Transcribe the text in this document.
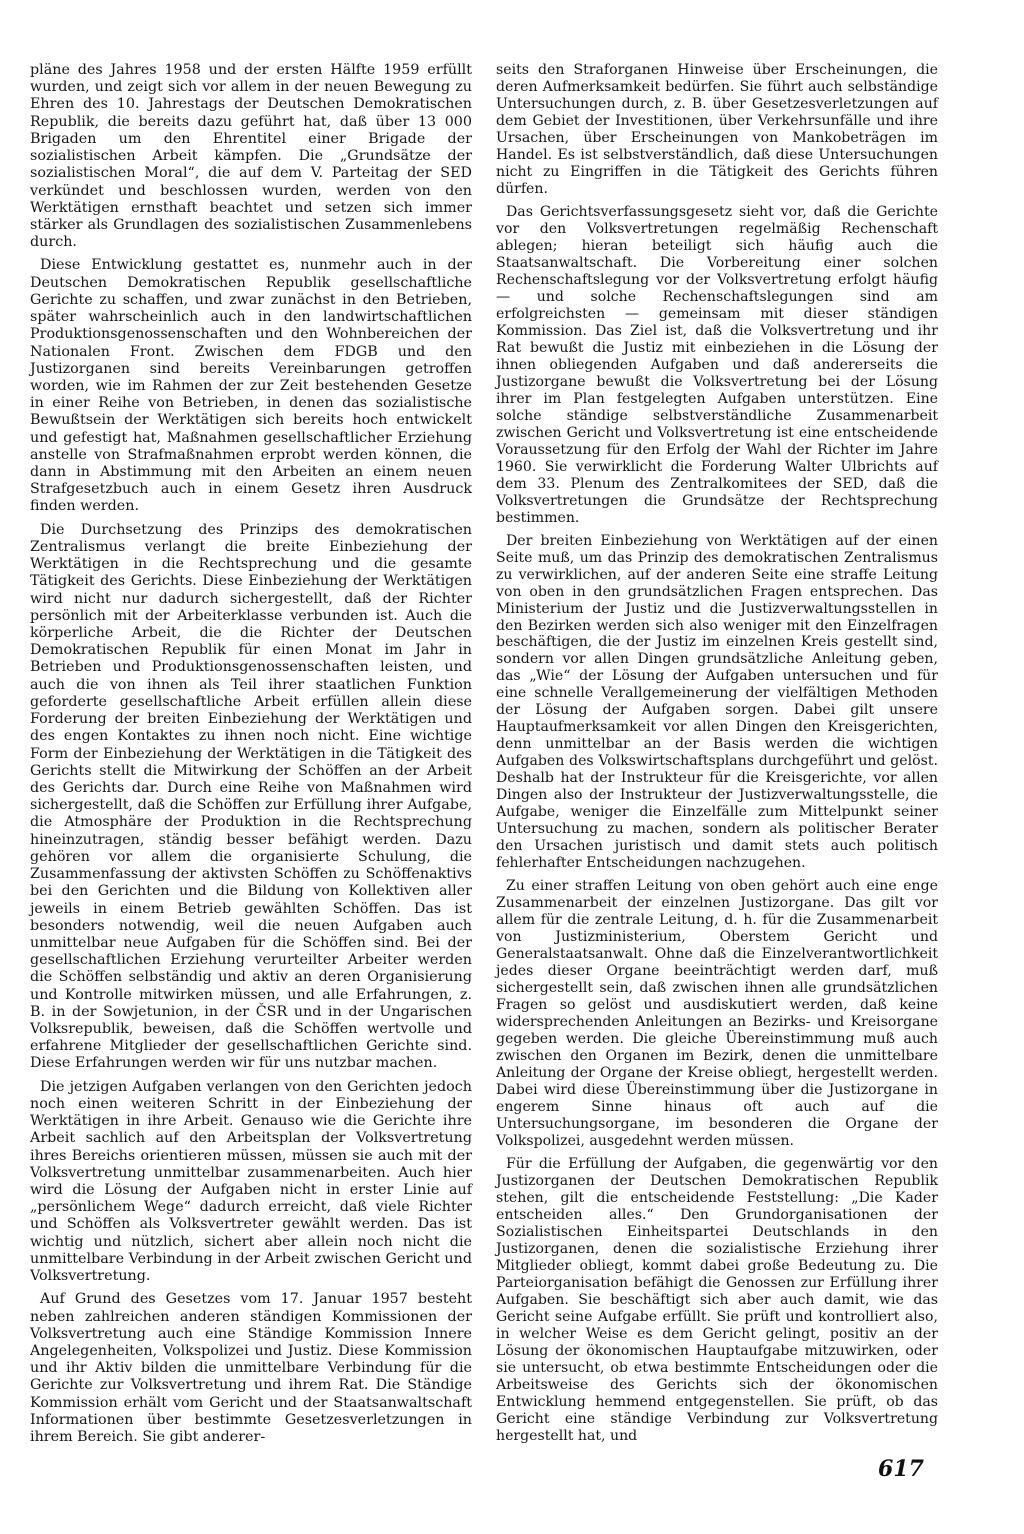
pläne des Jahres 1958 und der ersten Hälfte 1959 erfüllt wurden, und zeigt sich vor allem in der neuen Bewegung zu Ehren des 10. Jahrestags der Deutschen Demokratischen Republik, die bereits dazu geführt hat, daß über 13 000 Brigaden um den Ehrentitel einer Brigade der sozialistischen Arbeit kämpfen. Die „Grundsätze der sozialistischen Moral“, die auf dem V. Parteitag der SED verkündet und beschlossen wurden, werden von den Werktätigen ernsthaft beachtet und setzen sich immer stärker als Grundlagen des sozialistischen Zusammenlebens durch.

Diese Entwicklung gestattet es, nunmehr auch in der Deutschen Demokratischen Republik gesellschaftliche Gerichte zu schaffen, und zwar zunächst in den Betrieben, später wahrscheinlich auch in den landwirtschaftlichen Produktionsgenossenschaften und den Wohnbereichen der Nationalen Front. Zwischen dem FDGB und den Justizorganen sind bereits Vereinbarungen getroffen worden, wie im Rahmen der zur Zeit bestehenden Gesetze in einer Reihe von Betrieben, in denen das sozialistische Bewußtsein der Werktätigen sich bereits hoch entwickelt und gefestigt hat, Maßnahmen gesellschaftlicher Erziehung anstelle von Strafmaßnahmen erprobt werden können, die dann in Abstimmung mit den Arbeiten an einem neuen Strafgesetzbuch auch in einem Gesetz ihren Ausdruck finden werden.

Die Durchsetzung des Prinzips des demokratischen Zentralismus verlangt die breite Einbeziehung der Werktätigen in die Rechtsprechung und die gesamte Tätigkeit des Gerichts. Diese Einbeziehung der Werktätigen wird nicht nur dadurch sichergestellt, daß der Richter persönlich mit der Arbeiterklasse verbunden ist. Auch die körperliche Arbeit, die die Richter der Deutschen Demokratischen Republik für einen Monat im Jahr in Betrieben und Produktionsgenossenschaften leisten, und auch die von ihnen als Teil ihrer staatlichen Funktion geforderte gesellschaftliche Arbeit erfüllen allein diese Forderung der breiten Einbeziehung der Werktätigen und des engen Kontaktes zu ihnen noch nicht. Eine wichtige Form der Einbeziehung der Werktätigen in die Tätigkeit des Gerichts stellt die Mitwirkung der Schöffen an der Arbeit des Gerichts dar. Durch eine Reihe von Maßnahmen wird sichergestellt, daß die Schöffen zur Erfüllung ihrer Aufgabe, die Atmosphäre der Produktion in die Rechtsprechung hineinzutragen, ständig besser befähigt werden. Dazu gehören vor allem die organisierte Schulung, die Zusammenfassung der aktivsten Schöffen zu Schöffenaktivs bei den Gerichten und die Bildung von Kollektiven aller jeweils in einem Betrieb gewählten Schöffen. Das ist besonders notwendig, weil die neuen Aufgaben auch unmittelbar neue Aufgaben für die Schöffen sind. Bei der gesellschaftlichen Erziehung verurteilter Arbeiter werden die Schöffen selbständig und aktiv an deren Organisierung und Kontrolle mitwirken müssen, und alle Erfahrungen, z. B. in der Sowjetunion, in der ČSR und in der Ungarischen Volksrepublik, beweisen, daß die Schöffen wertvolle und erfahrene Mitglieder der gesellschaftlichen Gerichte sind. Diese Erfahrungen werden wir für uns nutzbar machen.

Die jetzigen Aufgaben verlangen von den Gerichten jedoch noch einen weiteren Schritt in der Einbeziehung der Werktätigen in ihre Arbeit. Genauso wie die Gerichte ihre Arbeit sachlich auf den Arbeitsplan der Volksvertretung ihres Bereichs orientieren müssen, müssen sie auch mit der Volksvertretung unmittelbar zusammenarbeiten. Auch hier wird die Lösung der Aufgaben nicht in erster Linie auf „persönlichem Wege“ dadurch erreicht, daß viele Richter und Schöffen als Volksvertreter gewählt werden. Das ist wichtig und nützlich, sichert aber allein noch nicht die unmittelbare Verbindung in der Arbeit zwischen Gericht und Volksvertretung.

Auf Grund des Gesetzes vom 17. Januar 1957 besteht neben zahlreichen anderen ständigen Kommissionen der Volksvertretung auch eine Ständige Kommission Innere Angelegenheiten, Volkspolizei und Justiz. Diese Kommission und ihr Aktiv bilden die unmittelbare Verbindung für die Gerichte zur Volksvertretung und ihrem Rat. Die Ständige Kommission erhält vom Gericht und der Staatsanwaltschaft Informationen über bestimmte Gesetzesverletzungen in ihrem Bereich. Sie gibt anderer-

seits den Straforganen Hinweise über Erscheinungen, die deren Aufmerksamkeit bedürfen. Sie führt auch selbständige Untersuchungen durch, z. B. über Gesetzesverletzungen auf dem Gebiet der Investitionen, über Verkehrsunfälle und ihre Ursachen, über Erscheinungen von Mankobeträgen im Handel. Es ist selbstverständlich, daß diese Untersuchungen nicht zu Eingriffen in die Tätigkeit des Gerichts führen dürfen.

Das Gerichtsverfassungsgesetz sieht vor, daß die Gerichte vor den Volksvertretungen regelmäßig Rechenschaft ablegen; hieran beteiligt sich häufig auch die Staatsanwaltschaft. Die Vorbereitung einer solchen Rechenschaftslegung vor der Volksvertretung erfolgt häufig — und solche Rechenschaftslegungen sind am erfolgreichsten — gemeinsam mit dieser ständigen Kommission. Das Ziel ist, daß die Volksvertretung und ihr Rat bewußt die Justiz mit einbeziehen in die Lösung der ihnen obliegenden Aufgaben und daß andererseits die Justizorgane bewußt die Volksvertretung bei der Lösung ihrer im Plan festgelegten Aufgaben unterstützen. Eine solche ständige selbstverständliche Zusammenarbeit zwischen Gericht und Volksvertretung ist eine entscheidende Voraussetzung für den Erfolg der Wahl der Richter im Jahre 1960. Sie verwirklicht die Forderung Walter Ulbrichts auf dem 33. Plenum des Zentralkomitees der SED, daß die Volksvertretungen die Grundsätze der Rechtsprechung bestimmen.

Der breiten Einbeziehung von Werktätigen auf der einen Seite muß, um das Prinzip des demokratischen Zentralismus zu verwirklichen, auf der anderen Seite eine straffe Leitung von oben in den grundsätzlichen Fragen entsprechen. Das Ministerium der Justiz und die Justizverwaltungsstellen in den Bezirken werden sich also weniger mit den Einzelfragen beschäftigen, die der Justiz im einzelnen Kreis gestellt sind, sondern vor allen Dingen grundsätzliche Anleitung geben, das „Wie“ der Lösung der Aufgaben untersuchen und für eine schnelle Verallgemeinerung der vielfältigen Methoden der Lösung der Aufgaben sorgen. Dabei gilt unsere Hauptaufmerksamkeit vor allen Dingen den Kreisgerichten, denn unmittelbar an der Basis werden die wichtigen Aufgaben des Volkswirtschaftsplans durchgeführt und gelöst. Deshalb hat der Instrukteur für die Kreisgerichte, vor allen Dingen also der Instrukteur der Justizverwaltungsstelle, die Aufgabe, weniger die Einzelfälle zum Mittelpunkt seiner Untersuchung zu machen, sondern als politischer Berater den Ursachen juristisch und damit stets auch politisch fehlerhafter Entscheidungen nachzugehen.

Zu einer straffen Leitung von oben gehört auch eine enge Zusammenarbeit der einzelnen Justizorgane. Das gilt vor allem für die zentrale Leitung, d. h. für die Zusammenarbeit von Justizministerium, Oberstem Gericht und Generalstaatsanwalt. Ohne daß die Einzelverantwortlichkeit jedes dieser Organe beeinträchtigt werden darf, muß sichergestellt sein, daß zwischen ihnen alle grundsätzlichen Fragen so gelöst und ausdiskutiert werden, daß keine widersprechenden Anleitungen an Bezirks- und Kreisorgane gegeben werden. Die gleiche Übereinstimmung muß auch zwischen den Organen im Bezirk, denen die unmittelbare Anleitung der Organe der Kreise obliegt, hergestellt werden. Dabei wird diese Übereinstimmung über die Justizorgane in engerem Sinne hinaus oft auch auf die Untersuchungsorgane, im besonderen die Organe der Volkspolizei, ausgedehnt werden müssen.

Für die Erfüllung der Aufgaben, die gegenwärtig vor den Justizorganen der Deutschen Demokratischen Republik stehen, gilt die entscheidende Feststellung: „Die Kader entscheiden alles.“ Den Grundorganisationen der Sozialistischen Einheitspartei Deutschlands in den Justizorganen, denen die sozialistische Erziehung ihrer Mitglieder obliegt, kommt dabei große Bedeutung zu. Die Parteiorganisation befähigt die Genossen zur Erfüllung ihrer Aufgaben. Sie beschäftigt sich aber auch damit, wie das Gericht seine Aufgabe erfüllt. Sie prüft und kontrolliert also, in welcher Weise es dem Gericht gelingt, positiv an der Lösung der ökonomischen Hauptaufgabe mitzuwirken, oder sie untersucht, ob etwa bestimmte Entscheidungen oder die Arbeitsweise des Gerichts sich der ökonomischen Entwicklung hemmend entgegenstellen. Sie prüft, ob das Gericht eine ständige Verbindung zur Volksvertretung hergestellt hat, und

617
